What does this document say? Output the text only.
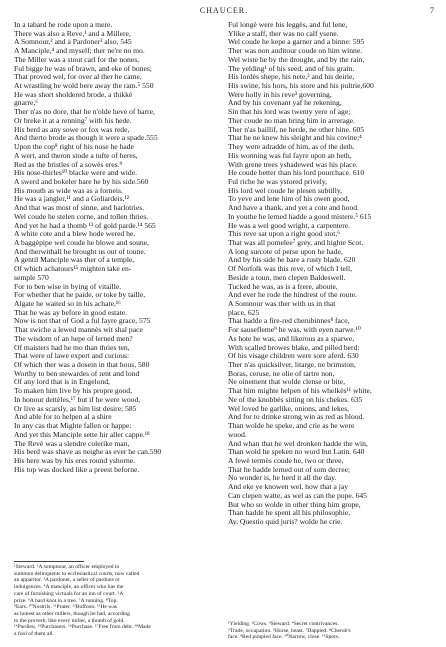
CHAUCER.	7
In a tabard he rode upon a mere.
There was also a Reve,¹ and a Millere,
A Somnour,² and a Pardoner³ also, 545
A Manciple,⁴ and myself; ther ne're no mo.
The Miller was a stout carl for the nones,
Ful bigge he was of brawn, and eke of bones;
That proved wel, for over al ther he came,
At wrastling he wold bere away the ram.⁵ 550
He was short sholdered brode, a thikkè
gnarre,⁶
Ther n'as no dore, that he n'olde heve of barre,
Or breke it at a renning⁷ with his hede.
His berd as any sowe or fox was rede,
And therto brode as though it were a spade.555
Upon the cop⁸ right of his nose he hade
A wert, and theron stode a tufte of heres,
Red as the bristles of a sowès eres.⁹
His nose-thirles¹⁰ blacke were and wide.
A swerd and bokeler bare he by his side.560
His mouth as wide was as a forneis.
He was a jangler,¹¹ and a Goliardeis,¹²
And that was most of sinne, and harlotries.
Wel coude he stelen corne, and tollen thries.
And yet he had a thomb ¹³ of gold parde.¹⁴ 565
A white cote and a blew hode wered he.
A baggèpipe wel coude he blowe and soune,
And therwithall he brought us out of toune.
A gentil Manciple was ther of a temple,
Of which achatours¹⁵ mighten take en-
semple 570
For to ben wise in bying of vitaille.
For whether that he paide, or toke by taille,
Algate he waited so in his achate,¹⁶
That he was ay before in good estate.
Now is not that of God a ful fayre grace, 575
That swiche a lewed mannès wit shal pace
The wisdom of an hepe of lerned men?
Of maisters had he mo than thries ten,
That were of lawe expert and curious:
Of which ther was a dosein in that hous, 580
Worthy to ben stewardes of rent and lond
Of any lord that is in Engelond,
To maken him live by his propre good,
In honour dettèles,¹⁷ but if he were wood,
Or live as scarsly, as him list desire; 585
And able for to helpen al a shire
In any cas that Mighte fallen or happe:
And yet this Manciple sette hir aller cappe.¹⁸
The Revè was a slendre colerike man,
His berd was shave as neighe as ever he can.590
His here was by his eres round yshorne.
His top was docked like a preest beforne.
Ful longè were his leggès, and ful lene,
Ylike a staff, ther was no calf ysene.
Wel coude he kepe a garner and a binne: 595
Ther was non auditour coude on him winne.
Wel wiste he by the drought, and by the rain,
The yelding¹ of his seed, and of his grain.
His lordès shepe, his nete,² and his deirie,
His swine, his hors, his store and his pultrie,600
Were holly in his reve³ governing,
And by his covenant yaf he rekening,
Sin that his lord was twenty yere of age;
Ther coude no man bring him in arrerage.
Ther n'as baillif, ne herde, ne other hine. 605
That he ne knew his sleight and his covine;⁴
They were adradde of him, as of the deth.
His wonning was ful fayre upon an heth,
With grene trees yshadewed was his place.
He coude better than his lord pourchace. 610
Ful riche he was ystored prively,
His lord wel coude he plesen subtilly,
To yeve and lene him of his owen good,
And have a thank, and yet a cote and hood.
In youthe he lerned hadde a good mistere.⁵ 615
He was a wel good wright, a carpentere.
This reve sat upon a right good stot,⁶
That was all pomelee⁷ grey, and highte Scot.
A long surcote of perse upon he hade,
And by his side he bare a rusty blade. 620
Of Norfolk was this reve, of which I tell,
Beside a toun, men clepen Baldeswell.
Tucked he was, as is a frere, aboute,
And ever he rode the hindrest of the route.
A Somnour was ther with us in that
place, 625
That hadde a fire-red cherubinnes⁸ face,
For sausefleme⁹ he was, with eyen narwe.¹⁰
As hote he was, and likerous as a sparwe,
With scalled browes blake, and pilled berd:
Of his visage children were sore aferd. 630
Ther n'as quicksilver, litarge, ne brimston,
Boras, ceruse, ne olie of tartre non,
Ne oinement that wolde clense or bite,
That him mighte helpen of his whelkès¹¹ white,
Ne of the knobbès sitting on his chekes. 635
Wel loved he garlike, onions, and lekes,
And for to drinke strong win as red as blood.
Than wolde he speke, and crie as he were
wood.
And whan that he wel dronken hadde the win,
Than wold he speken no word but Latin. 640
A fewè termès coude he, two or three,
That he hadde lerned out of som decree;
No wonder is, he herd it all the day.
And eke ye knowen wel, how that a jay
Can clepen watte, as wel as can the pope. 645
But who so wolde in other thing him grope,
Than hadde he spent all his philosophie,
Ay, Questio quid juris? wolde he crie.
¹Steward. ²A sompnour, an officer employed to
summon delinquents to ecclesiastical courts, now called
an apparitor. ³A pardoner, a seller of pardons or
indulgences. ⁴A manciple, an officer who has the
care of furnishing victuals for an inn of court. ⁵A
prize. ⁶A hard knot in a tree. ⁷A running. ⁸Top.
⁹Ears. ¹⁰Nostrils. ¹¹Prater. ¹²Buffoon. ¹³He was
as honest as other millers, though he had, according
to the proverb, like every miller, a thumb of gold.
¹⁴Pardieu. ¹⁵Purchasers. ¹⁶Purchase. ¹⁷Free from debt. ¹⁸Made
a fool of them all.
¹Yielding. ²Cows. ³Steward. ⁴Secret contrivances.
⁵Trade, occupation. ⁶Horse, beast. ⁷Dappled. ⁸Cherub's
face. ⁹Red pimpled face. ¹⁰Narrow, close. ¹¹Spots.
